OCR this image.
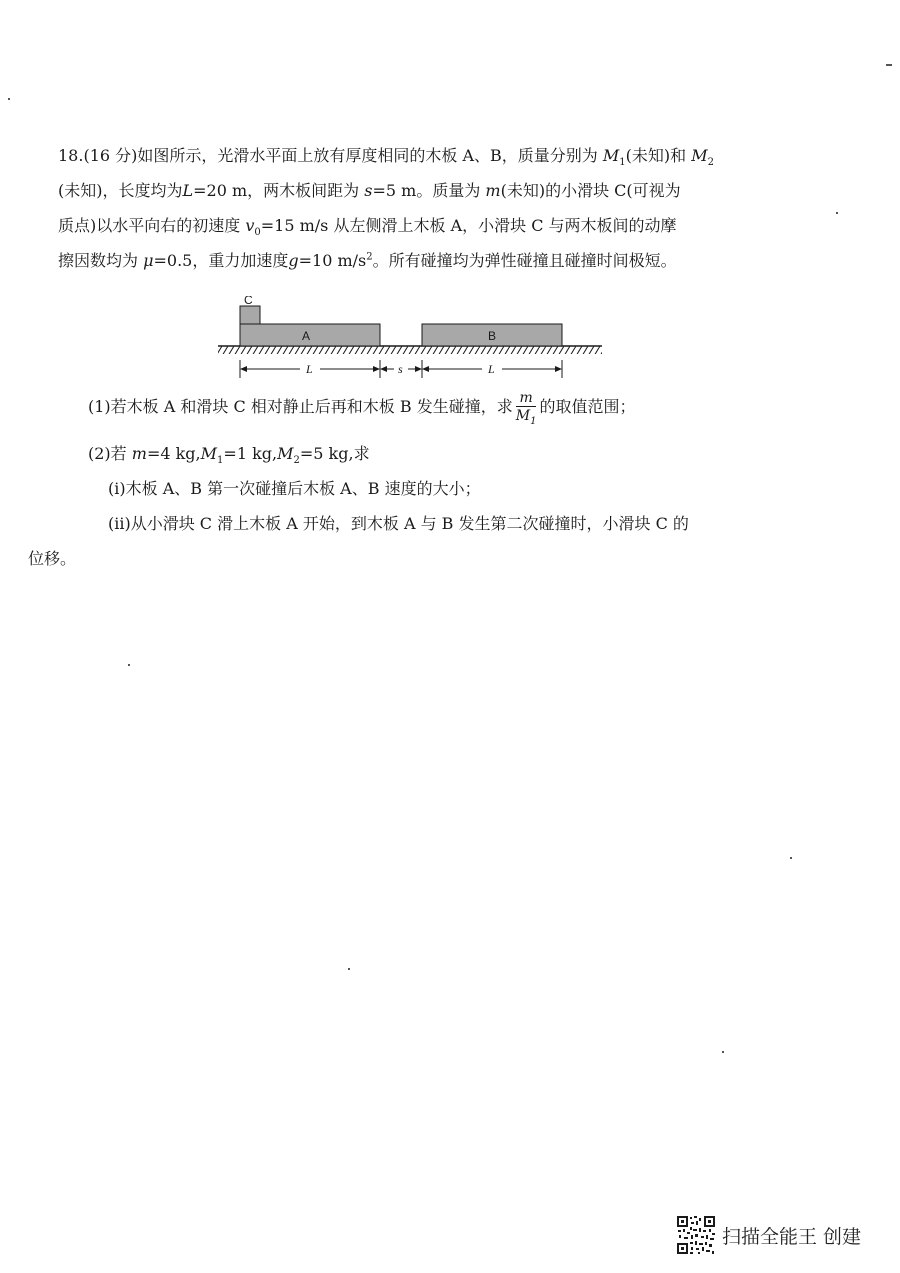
18.(16 分)如图所示，光滑水平面上放有厚度相同的木板 A、B，质量分别为 $M_1$(未知)和 $M_2$
(未知)，长度均为L=20 m，两木板间距为 s=5 m。质量为 m(未知)的小滑块 C(可视为
质点)以水平向右的初速度 $v_0=15$ m/s 从左侧滑上木板 A，小滑块 C 与两木板间的动摩
擦因数均为 μ=0.5，重力加速度g=10 $m/s^2$。所有碰撞均为弹性碰撞且碰撞时间极短。
C
A	B
L	s	L
(1)若木板 A 和滑块 C 相对静止后再和木板 B 发生碰撞，求 $\frac{m}{M_1}$ 的取值范围；
(2)若 m=4 $kg,M_1=1$ $kg,M_2=5$ kg,求
(i)木板 A、B 第一次碰撞后木板 A、B 速度的大小；
(ii)从小滑块 C 滑上木板 A 开始，到木板 A 与 B 发生第二次碰撞时，小滑块 C 的
位移。
扫描全能王 创建
